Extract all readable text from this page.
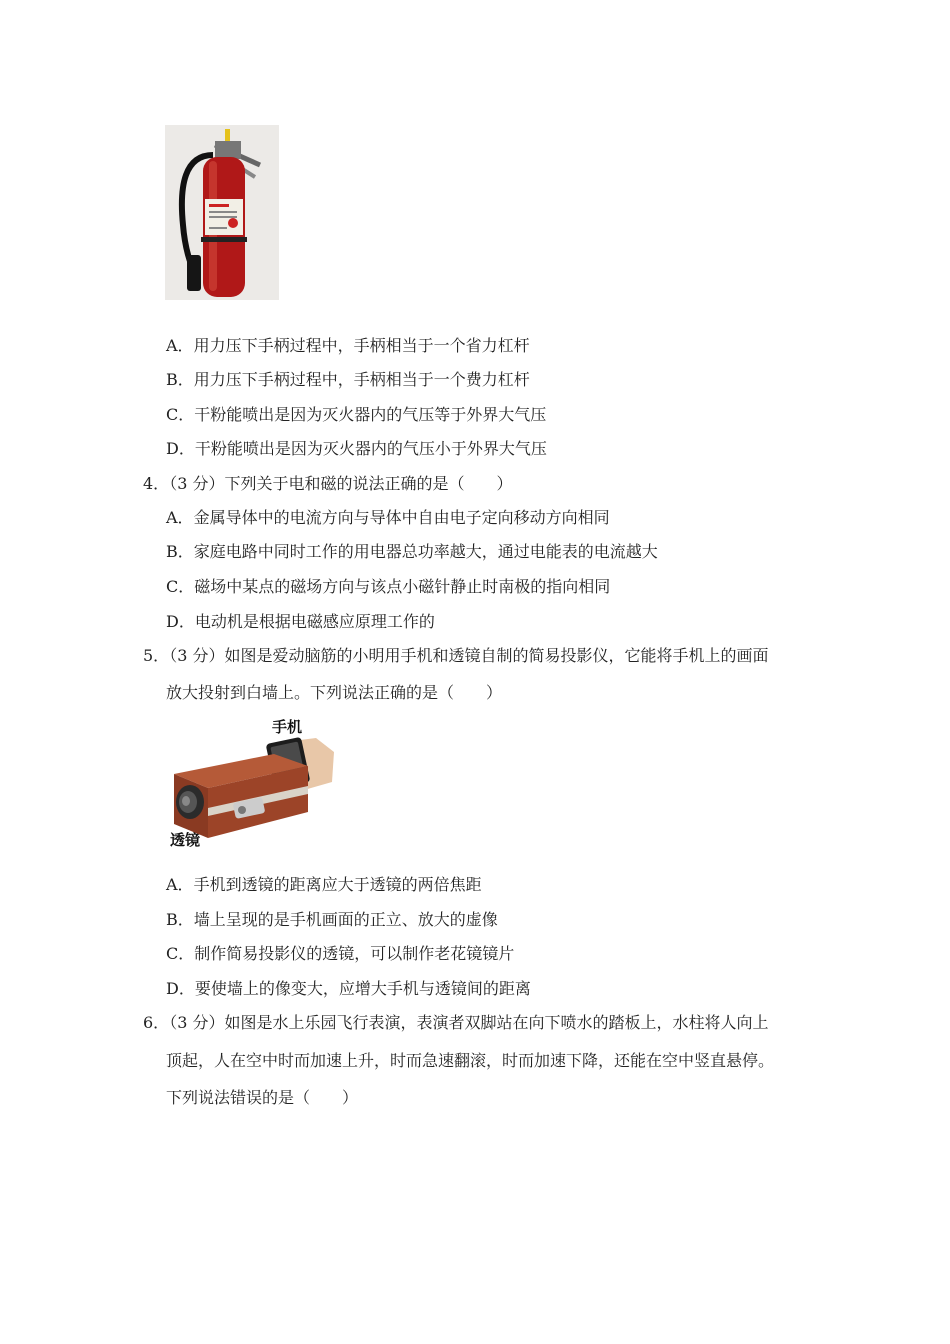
A．用力压下手柄过程中，手柄相当于一个省力杠杆
B．用力压下手柄过程中，手柄相当于一个费力杠杆
C．干粉能喷出是因为灭火器内的气压等于外界大气压
D．干粉能喷出是因为灭火器内的气压小于外界大气压
4．（3 分）下列关于电和磁的说法正确的是（　　）
A．金属导体中的电流方向与导体中自由电子定向移动方向相同
B．家庭电路中同时工作的用电器总功率越大，通过电能表的电流越大
C．磁场中某点的磁场方向与该点小磁针静止时南极的指向相同
D．电动机是根据电磁感应原理工作的
5．（3 分）如图是爱动脑筋的小明用手机和透镜自制的简易投影仪，它能将手机上的画面
放大投射到白墙上。下列说法正确的是（　　）
手机
透镜
A．手机到透镜的距离应大于透镜的两倍焦距
B．墙上呈现的是手机画面的正立、放大的虚像
C．制作简易投影仪的透镜，可以制作老花镜镜片
D．要使墙上的像变大，应增大手机与透镜间的距离
6．（3 分）如图是水上乐园飞行表演，表演者双脚站在向下喷水的踏板上，水柱将人向上
顶起，人在空中时而加速上升，时而急速翻滚，时而加速下降，还能在空中竖直悬停。
下列说法错误的是（　　）
